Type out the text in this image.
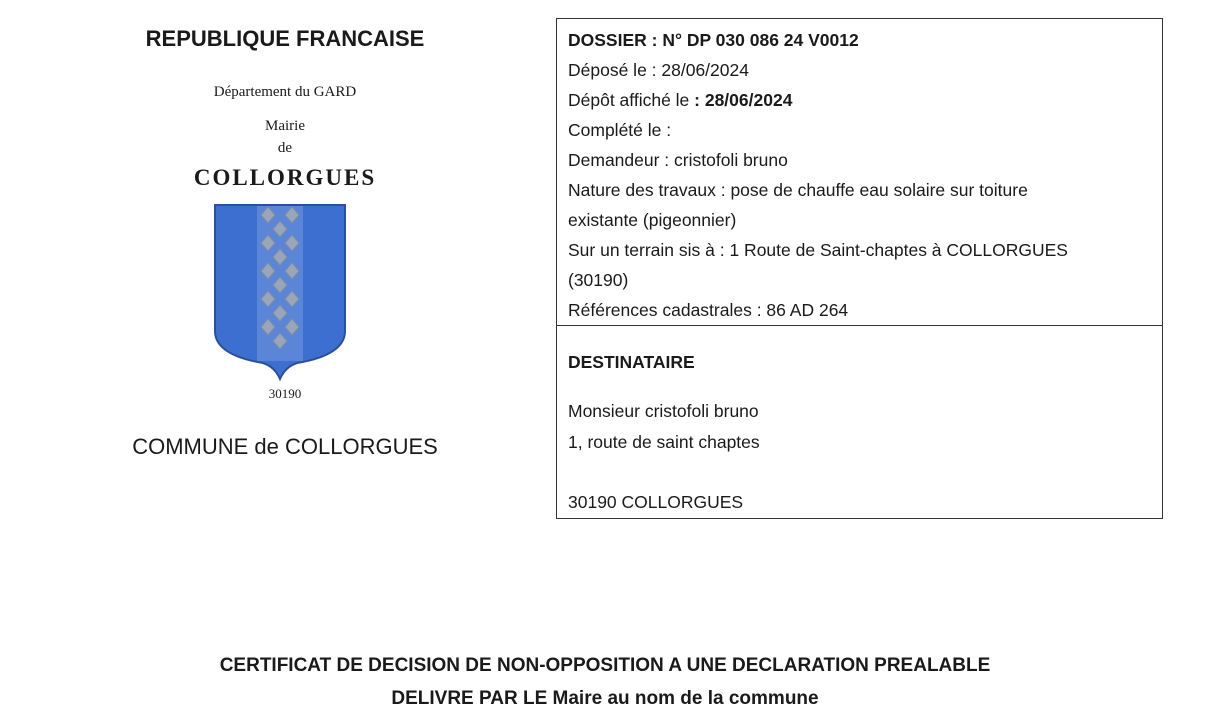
REPUBLIQUE FRANCAISE
Département du GARD
Mairie
de
COLLORGUES
30190
COMMUNE de COLLORGUES
DOSSIER : N° DP 030 086 24 V0012
Déposé le : 28/06/2024
Dépôt affiché le : 28/06/2024
Complété le :
Demandeur : cristofoli bruno
Nature des travaux : pose de chauffe eau solaire sur toiture
existante (pigeonnier)
Sur un terrain sis à : 1 Route de Saint-chaptes à COLLORGUES
(30190)
Références cadastrales : 86 AD 264
DESTINATAIRE
Monsieur cristofoli bruno
1, route de saint chaptes
30190 COLLORGUES
CERTIFICAT DE DECISION DE NON-OPPOSITION A UNE DECLARATION PREALABLE
DELIVRE PAR LE Maire au nom de la commune
